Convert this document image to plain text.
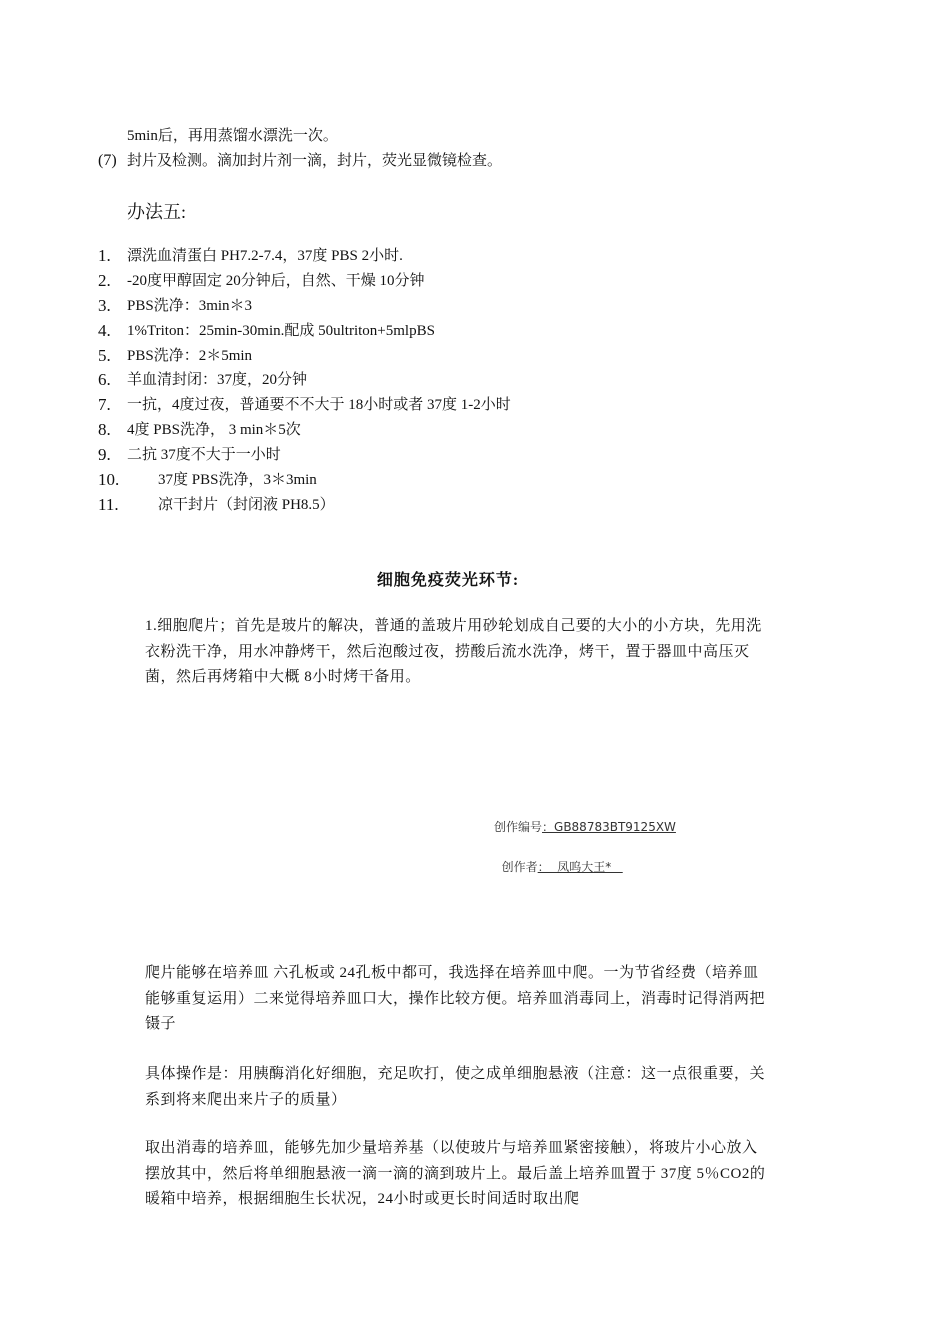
5min后，再用蒸馏水漂洗一次。
(7) 封片及检测。滴加封片剂一滴，封片，荧光显微镜检查。
办法五:
1. 漂洗血清蛋白 PH7.2-7.4，37度 PBS 2小时.
2. -20度甲醇固定 20分钟后，自然、干燥 10分钟
3. PBS洗净：3min＊3
4. 1%Triton：25min-30min.配成 50ultriton+5mlpBS
5. PBS洗净：2＊5min
6. 羊血清封闭：37度，20分钟
7. 一抗，4度过夜，普通要不不大于 18小时或者 37度 1-2小时
8. 4度 PBS洗净， 3 min＊5次
9. 二抗 37度不大于一小时
10.	37度 PBS洗净，3＊3min
11.	凉干封片（封闭液 PH8.5）
细胞免疫荧光环节:
1.细胞爬片；首先是玻片的解决，普通的盖玻片用砂轮划成自己要的大小的小方块，先用洗衣粉洗干净，用水冲静烤干，然后泡酸过夜，捞酸后流水洗净，烤干，置于器皿中高压灭菌，然后再烤箱中大概 8小时烤干备用。
创作编号：GB88783BT9125XW

创作者：  凤呜大王*

爬片能够在培养皿 六孔板或 24孔板中都可，我选择在培养皿中爬。一为节省经费（培养皿能够重复运用）二来觉得培养皿口大，操作比较方便。培养皿消毒同上，消毒时记得消两把镊子
具体操作是：用胰酶消化好细胞，充足吹打，使之成单细胞悬液（注意：这一点很重要，关系到将来爬出来片子的质量）
取出消毒的培养皿，能够先加少量培养基（以使玻片与培养皿紧密接触），将玻片小心放入摆放其中，然后将单细胞悬液一滴一滴的滴到玻片上。最后盖上培养皿置于 37度 5％CO2的暖箱中培养，根据细胞生长状况，24小时或更长时间适时取出爬
